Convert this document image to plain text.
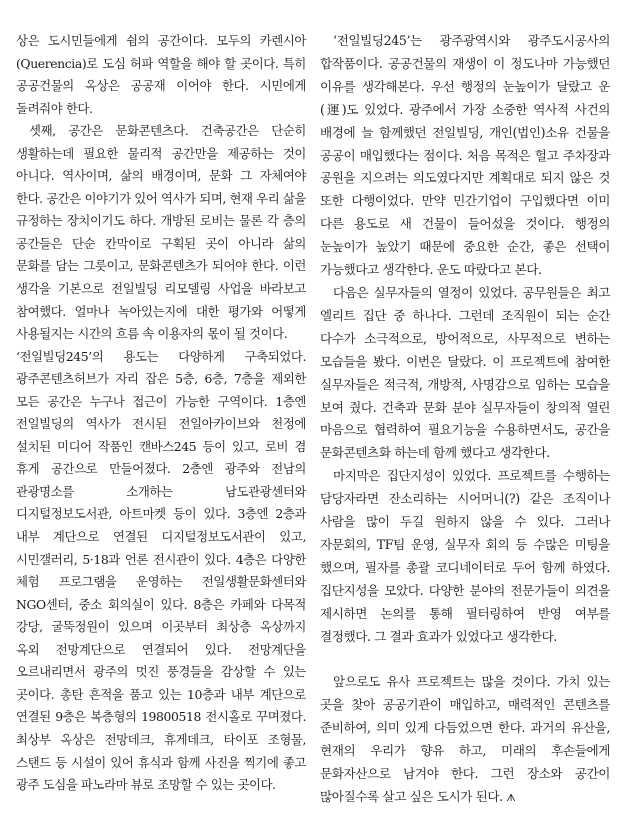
상은 도시민들에게 쉼의 공간이다. 모두의 카렌시아(Querencia)로 도심 허파 역할을 해야 할 곳이다. 특히 공공건물의 옥상은 공공재 이어야 한다. 시민에게 돌려줘야 한다.

셋째, 공간은 문화콘텐츠다. 건축공간은 단순히 생활하는데 필요한 물리적 공간만을 제공하는 것이 아니다. 역사이며, 삶의 배경이며, 문화 그 자체여야 한다. 공간은 이야기가 있어 역사가 되며, 현재 우리 삶을 규정하는 장치이기도 하다. 개방된 로비는 물론 각 층의 공간들은 단순 칸막이로 구획된 곳이 아니라 삶의 문화를 담는 그릇이고, 문화콘텐츠가 되어야 한다. 이런 생각을 기본으로 전일빌딩 리모델링 사업을 바라보고 참여했다. 얼마나 녹아있는지에 대한 평가와 어떻게 사용될지는 시간의 흐름 속 이용자의 몫이 될 것이다.

‘전일빌딩245’의 용도는 다양하게 구축되었다. 광주콘텐츠허브가 자리 잡은 5층, 6층, 7층을 제외한 모든 공간은 누구나 접근이 가능한 구역이다. 1층엔 전일빌딩의 역사가 전시된 전일아카이브와 천정에 설치된 미디어 작품인 캔바스245 등이 있고, 로비 겸 휴게 공간으로 만들어졌다. 2층엔 광주와 전남의 관광명소를 소개하는 남도관광센터와 디지털정보도서관, 아트마켓 등이 있다. 3층엔 2층과 내부 계단으로 연결된 디지털정보도서관이 있고, 시민갤러리, 5·18과 언론 전시관이 있다. 4층은 다양한 체험 프로그램을 운영하는 전일생활문화센터와 NGO센터, 중소 회의실이 있다. 8층은 카페와 다목적 강당, 굴뚝정원이 있으며 이곳부터 최상층 옥상까지 옥외 전망계단으로 연결되어 있다. 전망계단을 오르내리면서 광주의 멋진 풍경들을 감상할 수 있는 곳이다. 총탄 흔적을 품고 있는 10층과 내부 계단으로 연결된 9층은 복층형의 19800518 전시홀로 꾸며졌다. 최상부 옥상은 전망데크, 휴게데크, 타이포 조형물, 스탠드 등 시설이 있어 휴식과 함께 사진을 찍기에 좋고 광주 도심을 파노라마 뷰로 조망할 수 있는 곳이다.

‘전일빌딩245’는 광주광역시와 광주도시공사의 합작품이다. 공공건물의 재생이 이 정도나마 가능했던 이유를 생각해본다. 우선 행정의 눈높이가 달랐고 운(運)도 있었다. 광주에서 가장 소중한 역사적 사건의 배경에 늘 함께했던 전일빌딩, 개인(법인)소유 건물을 공공이 매입했다는 점이다. 처음 목적은 헐고 주차장과 공원을 지으려는 의도였다지만 계획대로 되지 않은 것 또한 다행이었다. 만약 민간기업이 구입했다면 이미 다른 용도로 새 건물이 들어섰을 것이다. 행정의 눈높이가 높았기 때문에 중요한 순간, 좋은 선택이 가능했다고 생각한다. 운도 따랐다고 본다.

다음은 실무자들의 열정이 있었다. 공무원들은 최고 엘리트 집단 중 하나다. 그런데 조직원이 되는 순간 다수가 소극적으로, 방어적으로, 사무적으로 변하는 모습들을 봤다. 이번은 달랐다. 이 프로젝트에 참여한 실무자들은 적극적, 개방적, 사명감으로 임하는 모습을 보여 줬다. 건축과 문화 분야 실무자들이 창의적 열린 마음으로 협력하여 필요기능을 수용하면서도, 공간을 문화콘텐츠화 하는데 함께 했다고 생각한다.

마지막은 집단지성이 있었다. 프로젝트를 수행하는 담당자라면 잔소리하는 시어머니(?) 같은 조직이나 사람을 많이 두길 원하지 않을 수 있다. 그러나 자문회의, TF팀 운영, 실무자 회의 등 수많은 미팅을 했으며, 필자를 총괄 코디네이터로 두어 함께 하였다. 집단지성을 모았다. 다양한 분야의 전문가들이 의견을 제시하면 논의를 통해 필터링하여 반영 여부를 결정했다. 그 결과 효과가 있었다고 생각한다.

앞으로도 유사 프로젝트는 많을 것이다. 가치 있는 곳을 찾아 공공기관이 매입하고, 매력적인 콘텐츠를 준비하여, 의미 있게 다듬었으면 한다. 과거의 유산을, 현재의 우리가 향유 하고, 미래의 후손들에게 문화자산으로 남겨야 한다. 그런 장소와 공간이 많아질수록 살고 싶은 도시가 된다. ᗑ
